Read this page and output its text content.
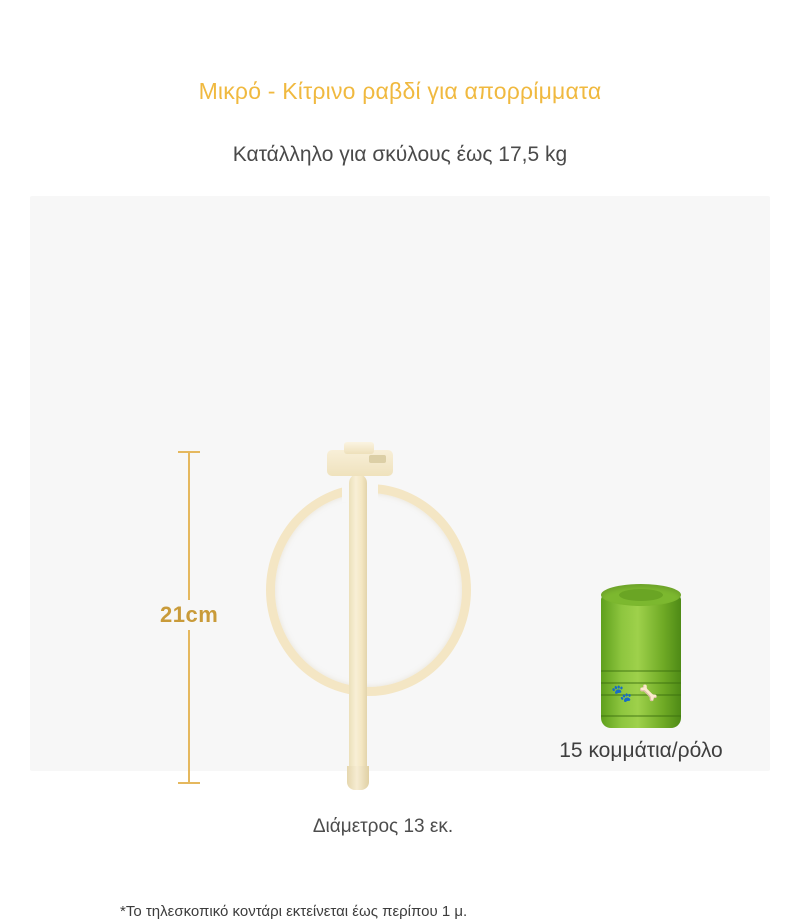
Μικρό - Κίτρινο ραβδί για απορρίμματα
Κατάλληλο για σκύλους έως 17,5 kg
21cm
Διάμετρος 13 εκ.
🐾 🦴
15 κομμάτια/ρόλο
*Το τηλεσκοπικό κοντάρι εκτείνεται έως περίπου 1 μ.
